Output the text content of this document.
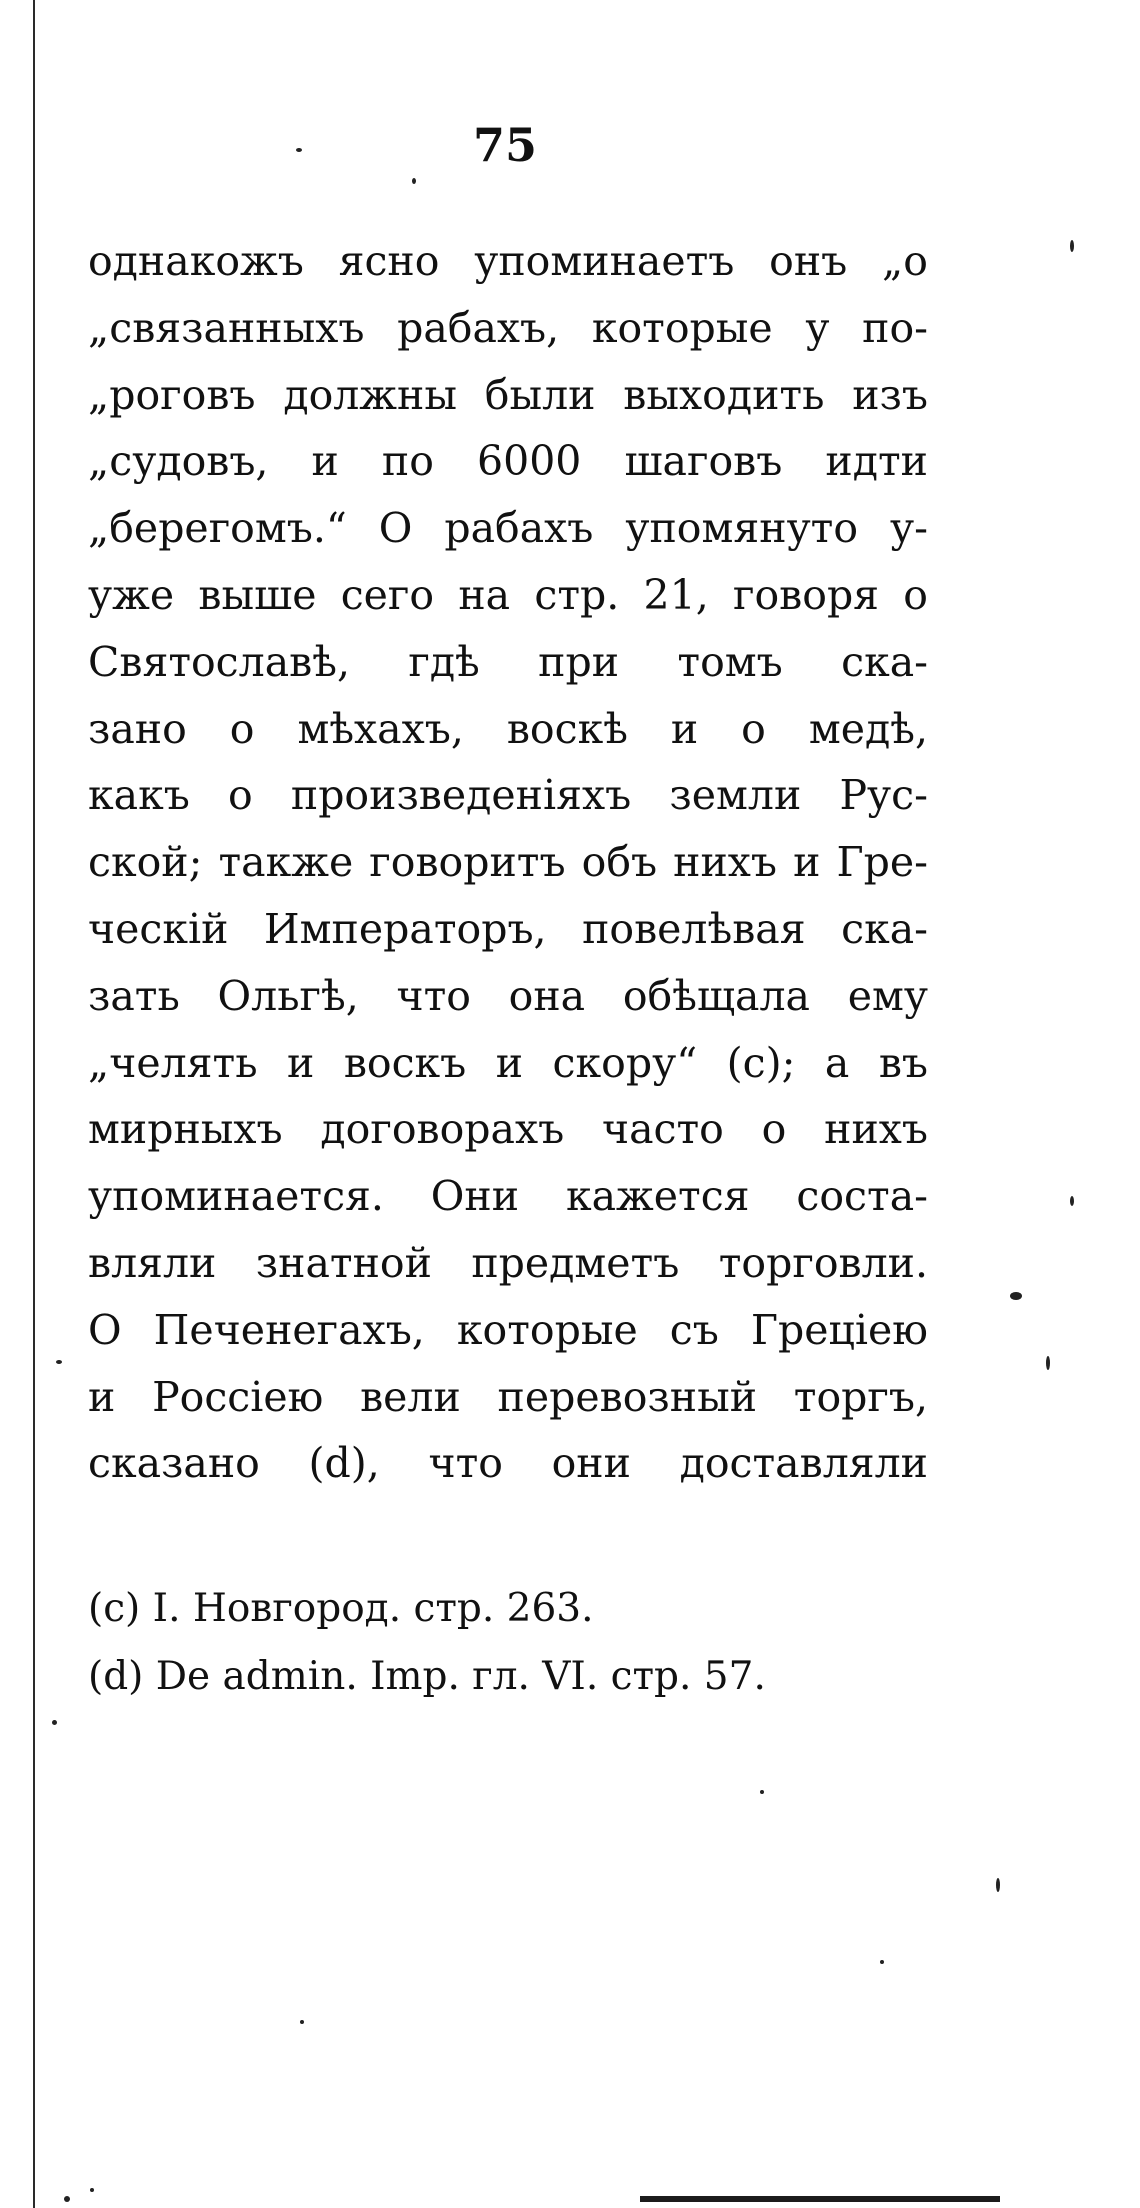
75
однакожъ ясно упоминаетъ онъ „о
„связанныхъ рабахъ, которые у по-
„роговъ должны были выходить изъ
„судовъ, и по 6000 шаговъ идти
„берегомъ.“ О рабахъ упомянуто у-
уже выше сего на стр. 21, говоря о
Святославѣ, гдѣ при томъ ска-
зано о мѣхахъ, воскѣ и о медѣ,
какъ о произведенiяхъ земли Рус-
ской; также говоритъ объ нихъ и Гре-
ческiй Императоръ, повелѣвая ска-
зать Ольгѣ, что она обѣщала ему
„челять и воскъ и скору“ (с); а въ
мирныхъ договорахъ часто о нихъ
упоминается. Они кажется соста-
вляли знатной предметъ торговли.
О Печенегахъ, которые съ Грецiею
и Россiею вели перевозный торгъ,
сказано (d), что они доставляли
(c) I. Новгород. стр. 263.
(d) De admin. Imp. гл. VI. стр. 57.
